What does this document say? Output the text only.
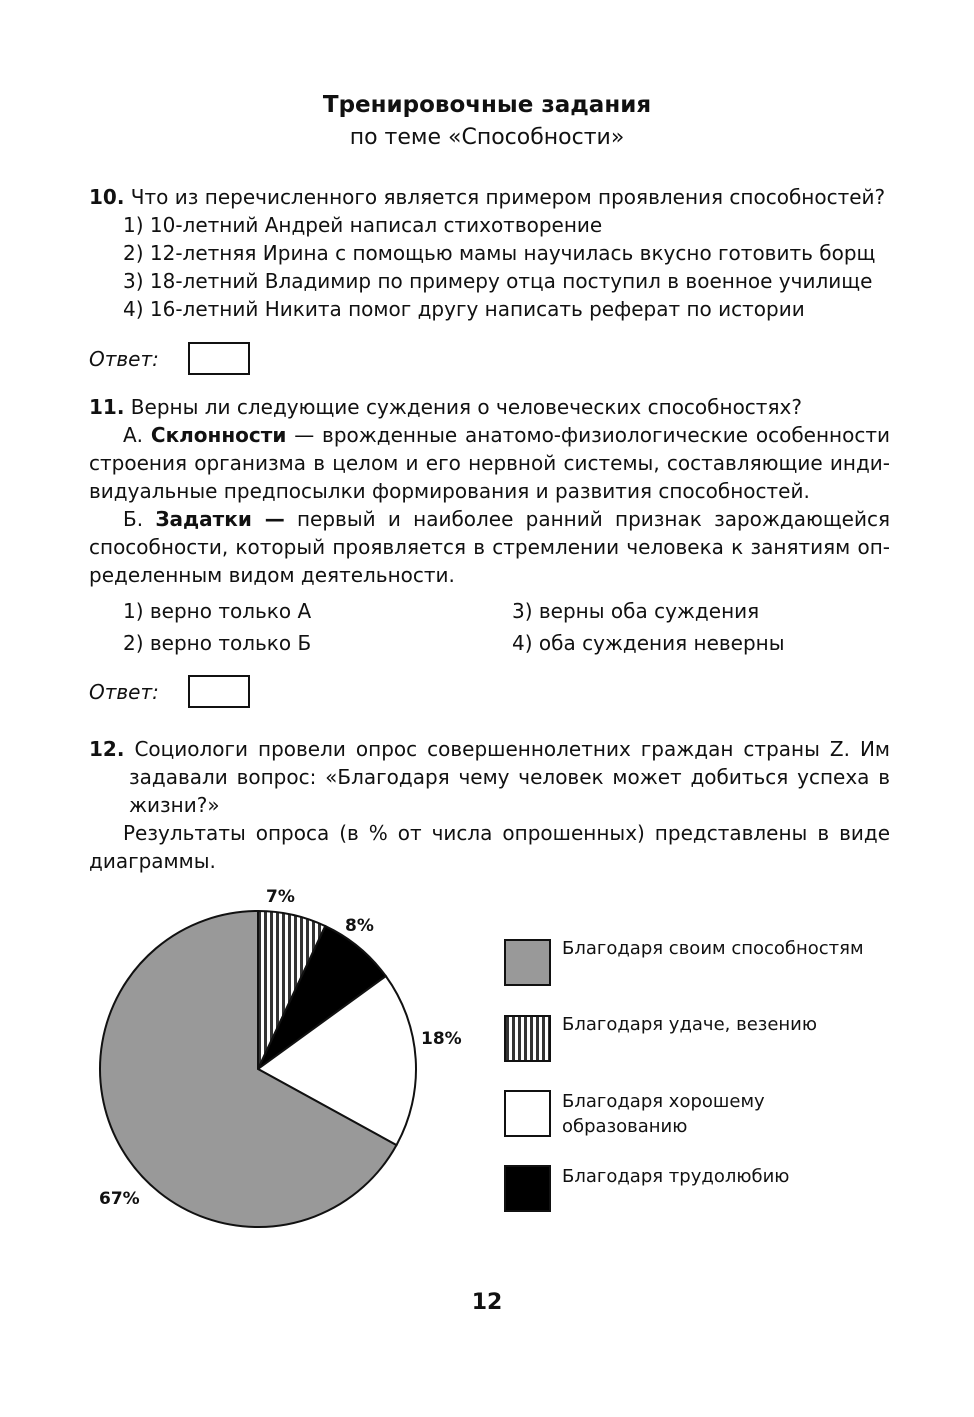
Тренировочные задания
по теме «Способности»
10. Что из перечисленного является примером проявления способностей?
1) 10-летний Андрей написал стихотворение
2) 12-летняя Ирина с помощью мамы научилась вкусно готовить борщ
3) 18-летний Владимир по примеру отца поступил в военное училище
4) 16-летний Никита помог другу написать реферат по истории
Ответ:
11. Верны ли следующие суждения о человеческих способностях?
А. Склонности — врожденные анатомо-физиологические особенности
строения организма в целом и его нервной системы, составляющие инди-
видуальные предпосылки формирования и развития способностей.
Б. Задатки — первый и наиболее ранний признак зарождающейся
способности, который проявляется в стремлении человека к занятиям оп-
ределенным видом деятельности.
1) верно только А
2) верно только Б
3) верны оба суждения
4) оба суждения неверны
Ответ:
12. Социологи провели опрос совершеннолетних граждан страны Z. Им
задавали вопрос: «Благодаря чему человек может добиться успеха в
жизни?»
Результаты опроса (в % от числа опрошенных) представлены в виде
диаграммы.
7%
8%
18%
67%
Благодаря своим способностям
Благодаря удаче, везению
Благодаря хорошему
образованию
Благодаря трудолюбию
12
